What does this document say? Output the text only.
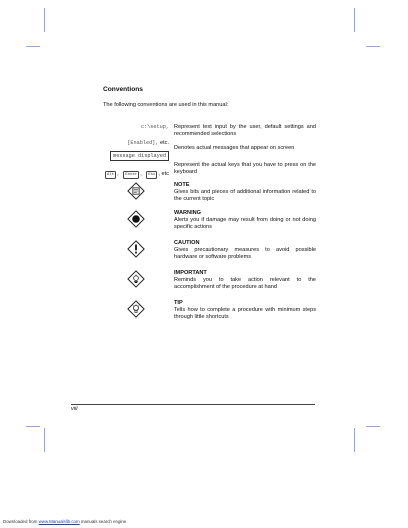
Conventions
The following conventions are used in this manual:
c:\setup,
[Enabled], etc.
Represent text input by the user, default settings and recommended selections
message displayed
Denotes actual messages that appear on screen
Alt , Enter , Esc , etc
Represent the actual keys that you have to press on the keyboard
NOTE
Gives bits and pieces of additional information related to the current topic
WARNING
Alerts you if damage may result from doing or not doing specific actions
CAUTION
Gives precautionary measures to avoid possible hardware or software problems
IMPORTANT
Reminds you to take action relevant to the accomplishment of the procedure at hand
TIP
Tells how to complete a procedure with minimum steps through little shortcuts
viii
Downloaded from www.Manualslib.com manuals search engine
